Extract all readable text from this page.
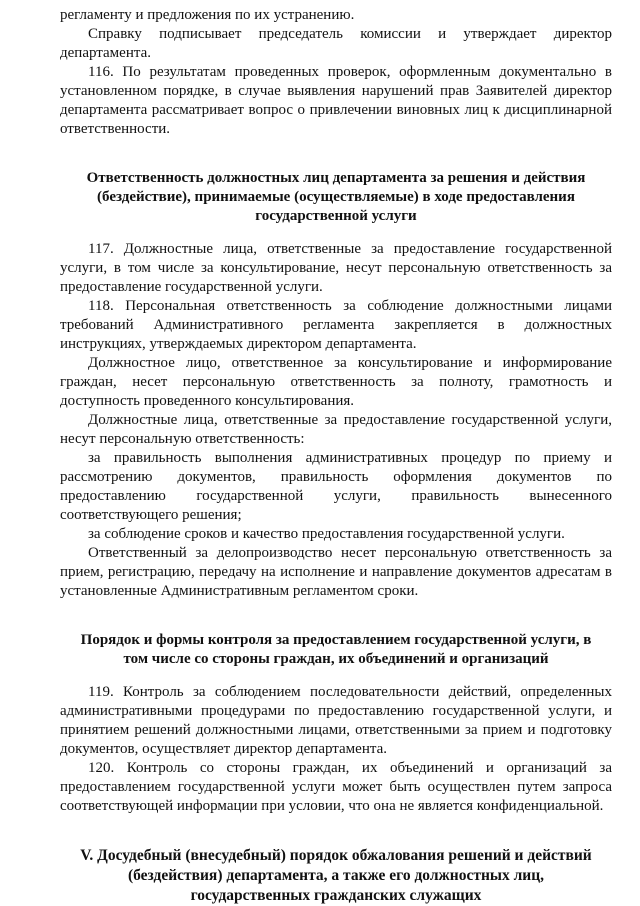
регламенту и предложения по их устранению.

Справку подписывает председатель комиссии и утверждает директор департамента.

116. По результатам проведенных проверок, оформленным документально в установленном порядке, в случае выявления нарушений прав Заявителей директор департамента рассматривает вопрос о привлечении виновных лиц к дисциплинарной ответственности.

Ответственность должностных лиц департамента за решения и действия (бездействие), принимаемые (осуществляемые) в ходе предоставления государственной услуги

117. Должностные лица, ответственные за предоставление государственной услуги, в том числе за консультирование, несут персональную ответственность за предоставление государственной услуги.

118. Персональная ответственность за соблюдение должностными лицами требований Административного регламента закрепляется в должностных инструкциях, утверждаемых директором департамента.

Должностное лицо, ответственное за консультирование и информирование граждан, несет персональную ответственность за полноту, грамотность и доступность проведенного консультирования.

Должностные лица, ответственные за предоставление государственной услуги, несут персональную ответственность:

за правильность выполнения административных процедур по приему и рассмотрению документов, правильность оформления документов по предоставлению государственной услуги, правильность вынесенного соответствующего решения;

за соблюдение сроков и качество предоставления государственной услуги.

Ответственный за делопроизводство несет персональную ответственность за прием, регистрацию, передачу на исполнение и направление документов адресатам в установленные Административным регламентом сроки.

Порядок и формы контроля за предоставлением государственной услуги, в том числе со стороны граждан, их объединений и организаций

119. Контроль за соблюдением последовательности действий, определенных административными процедурами по предоставлению государственной услуги, и принятием решений должностными лицами, ответственными за прием и подготовку документов, осуществляет директор департамента.

120. Контроль со стороны граждан, их объединений и организаций за предоставлением государственной услуги может быть осуществлен путем запроса соответствующей информации при условии, что она не является конфиденциальной.

V. Досудебный (внесудебный) порядок обжалования решений и действий (бездействия) департамента, а также его должностных лиц, государственных гражданских служащих
